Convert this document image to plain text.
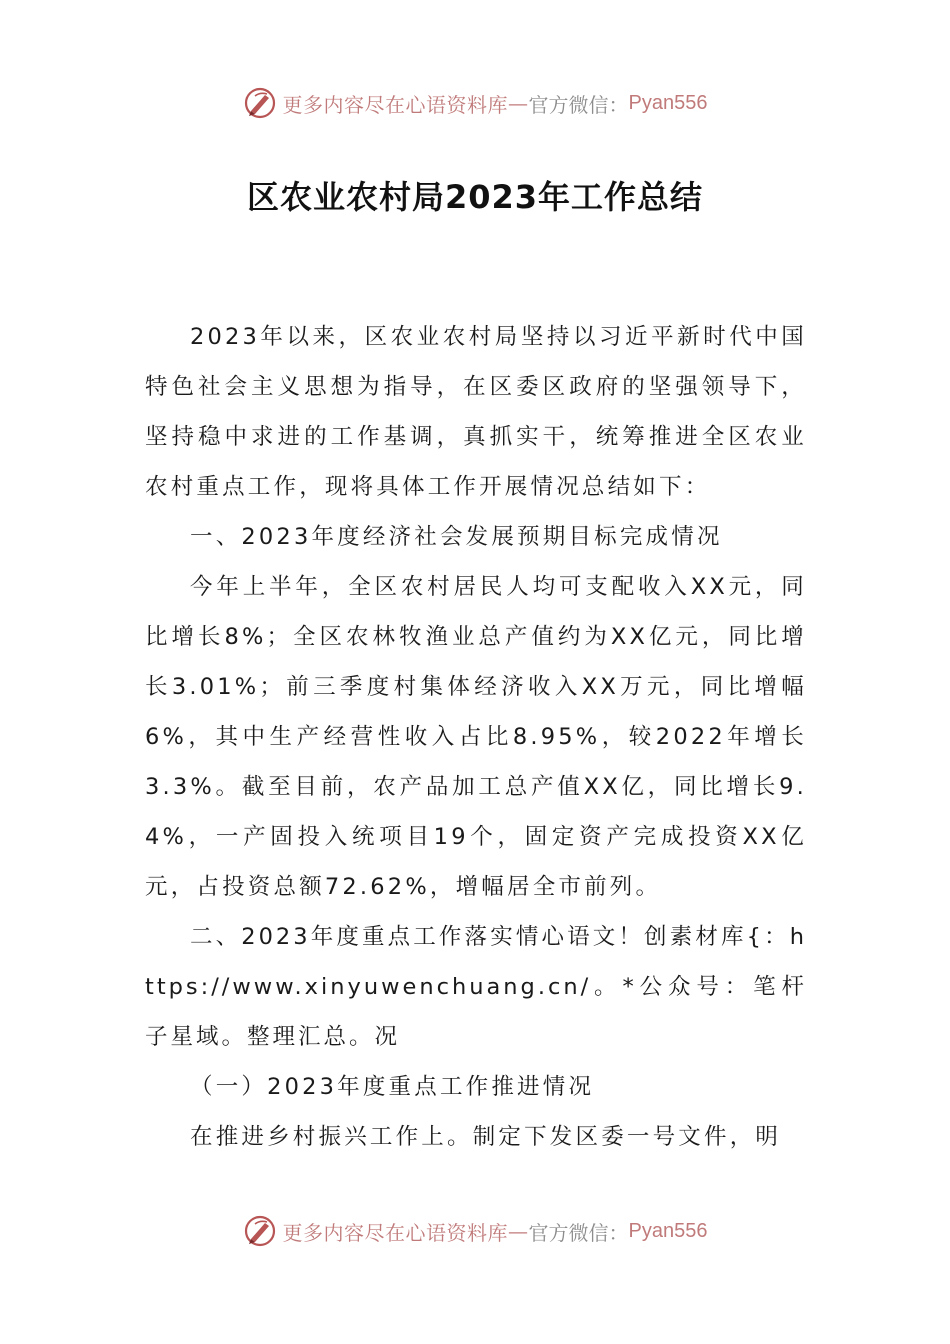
更多内容尽在心语资料库 — 官方微信： Pyan556
区农业农村局2023年工作总结

2023年以来，区农业农村局坚持以习近平新时代中国特色社会主义思想为指导，在区委区政府的坚强领导下，坚持稳中求进的工作基调，真抓实干，统筹推进全区农业农村重点工作，现将具体工作开展情况总结如下：

一、2023年度经济社会发展预期目标完成情况

今年上半年，全区农村居民人均可支配收入XX元，同比增长8%；全区农林牧渔业总产值约为XX亿元，同比增长3.01%；前三季度村集体经济收入XX万元，同比增幅6%，其中生产经营性收入占比8.95%，较2022年增长3.3%。截至目前，农产品加工总产值XX亿，同比增长9.4%，一产固投入统项目19个，固定资产完成投资XX亿元，占投资总额72.62%，增幅居全市前列。

二、2023年度重点工作落实情心语文！创素材库{：https://www.xinyuwenchuang.cn/。*公众号：笔杆子星域。整理汇总。况

（一）2023年度重点工作推进情况

在推进乡村振兴工作上。制定下发区委一号文件，明

更多内容尽在心语资料库 — 官方微信： Pyan556
